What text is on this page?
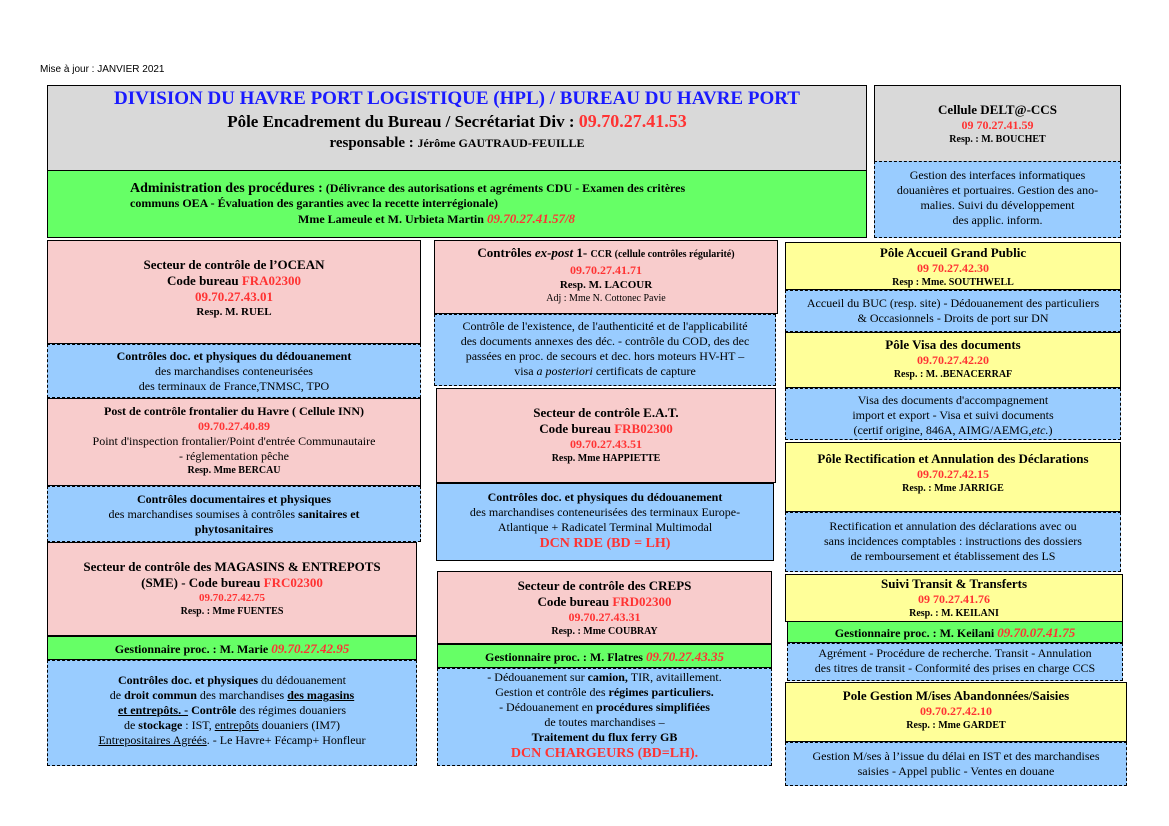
Mise à jour : JANVIER 2021
DIVISION DU HAVRE PORT LOGISTIQUE (HPL) / BUREAU DU HAVRE PORT
Pôle Encadrement du Bureau / Secrétariat Div : 09.70.27.41.53
responsable : Jérôme GAUTRAUD-FEUILLE
Administration des procédures : (Délivrance des autorisations et agréments CDU - Examen des critères
communs OEA - Évaluation des garanties avec la recette interrégionale)
Mme Lameule et M. Urbieta Martin 09.70.27.41.57/8
Cellule DELT@-CCS
09 70.27.41.59
Resp. : M. BOUCHET
Gestion des interfaces informatiques
douanières et portuaires. Gestion des ano-
malies. Suivi du développement
des applic. inform.
Secteur de contrôle de l’OCEAN
Code bureau FRA02300
09.70.27.43.01
Resp. M. RUEL
Contrôles doc. et physiques du dédouanement
des marchandises conteneurisées
des terminaux de France,TNMSC, TPO
Post de contrôle frontalier du Havre ( Cellule INN)
09.70.27.40.89
Point d'inspection frontalier/Point d'entrée Communautaire
- réglementation pêche
Resp. Mme BERCAU
Contrôles documentaires et physiques
des marchandises soumises à contrôles sanitaires et
phytosanitaires
Secteur de contrôle des MAGASINS & ENTREPOTS
(SME) - Code bureau FRC02300
09.70.27.42.75
Resp. : Mme FUENTES
Gestionnaire proc. : M. Marie 09.70.27.42.95
Contrôles doc. et physiques du dédouanement
de droit commun des marchandises des magasins
et entrepôts. - Contrôle des régimes douaniers
de stockage : IST, entrepôts douaniers (IM7)
Entrepositaires Agréés. - Le Havre+ Fécamp+ Honfleur
Contrôles ex-post 1- CCR (cellule contrôles régularité)
09.70.27.41.71
Resp. M. LACOUR
Adj : Mme N. Cottonec Pavie
Contrôle de l'existence, de l'authenticité et de l'applicabilité
des documents annexes des déc. - contrôle du COD, des dec
passées en proc. de secours et dec. hors moteurs HV-HT –
visa a posteriori certificats de capture
Secteur de contrôle E.A.T.
Code bureau FRB02300
09.70.27.43.51
Resp. Mme HAPPIETTE
Contrôles doc. et physiques du dédouanement
des marchandises conteneurisées des terminaux Europe-
Atlantique + Radicatel Terminal Multimodal
DCN RDE (BD = LH)
Secteur de contrôle des CREPS
Code bureau FRD02300
09.70.27.43.31
Resp. : Mme COUBRAY
Gestionnaire proc. : M. Flatres 09.70.27.43.35
- Dédouanement sur camion, TIR, avitaillement.
Gestion et contrôle des régimes particuliers.
- Dédouanement en procédures simplifiées
de toutes marchandises –
Traitement du flux ferry GB
DCN CHARGEURS (BD=LH).
Pôle Accueil Grand Public
09 70.27.42.30
Resp : Mme. SOUTHWELL
Accueil du BUC (resp. site) - Dédouanement des particuliers
& Occasionnels - Droits de port sur DN
Pôle Visa des documents
09.70.27.42.20
Resp. : M. .BENACERRAF
Visa des documents d'accompagnement
import et export - Visa et suivi documents
(certif origine, 846A, AIMG/AEMG,etc.)
Pôle Rectification et Annulation des Déclarations
09.70.27.42.15
Resp. : Mme JARRIGE
Rectification et annulation des déclarations avec ou
sans incidences comptables : instructions des dossiers
de remboursement et établissement des LS
Suivi Transit & Transferts
09 70.27.41.76
Resp. : M. KEILANI
Gestionnaire proc. : M. Keilani 09.70.07.41.75
Agrément - Procédure de recherche. Transit - Annulation
des titres de transit - Conformité des prises en charge CCS
Pole Gestion M/ises Abandonnées/Saisies
09.70.27.42.10
Resp. : Mme GARDET
Gestion M/ses à l’issue du délai en IST et des marchandises
saisies - Appel public - Ventes en douane
